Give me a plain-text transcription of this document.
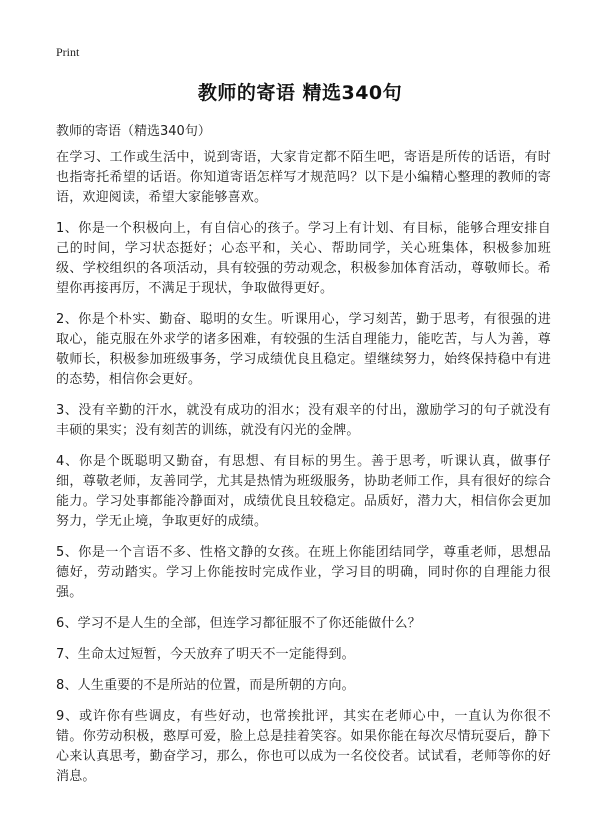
Print
教师的寄语 精选340句
教师的寄语（精选340句）

在学习、工作或生活中，说到寄语，大家肯定都不陌生吧，寄语是所传的话语，有时也指寄托希望的话语。你知道寄语怎样写才规范吗？以下是小编精心整理的教师的寄语，欢迎阅读，希望大家能够喜欢。

1、你是一个积极向上，有自信心的孩子。学习上有计划、有目标，能够合理安排自己的时间，学习状态挺好；心态平和，关心、帮助同学，关心班集体，积极参加班级、学校组织的各项活动，具有较强的劳动观念，积极参加体育活动，尊敬师长。希望你再接再厉，不满足于现状，争取做得更好。

2、你是个朴实、勤奋、聪明的女生。听课用心，学习刻苦，勤于思考，有很强的进取心，能克服在外求学的诸多困难，有较强的生活自理能力，能吃苦，与人为善，尊敬师长，积极参加班级事务，学习成绩优良且稳定。望继续努力，始终保持稳中有进的态势，相信你会更好。

3、没有辛勤的汗水，就没有成功的泪水；没有艰辛的付出，激励学习的句子就没有丰硕的果实；没有刻苦的训练，就没有闪光的金牌。

4、你是个既聪明又勤奋，有思想、有目标的男生。善于思考，听课认真，做事仔细，尊敬老师，友善同学，尤其是热情为班级服务，协助老师工作，具有很好的综合能力。学习处事都能冷静面对，成绩优良且较稳定。品质好，潜力大，相信你会更加努力，学无止境，争取更好的成绩。

5、你是一个言语不多、性格文静的女孩。在班上你能团结同学，尊重老师，思想品德好，劳动踏实。学习上你能按时完成作业，学习目的明确，同时你的自理能力很强。

6、学习不是人生的全部，但连学习都征服不了你还能做什么？

7、生命太过短暂，今天放弃了明天不一定能得到。

8、人生重要的不是所站的位置，而是所朝的方向。

9、或许你有些调皮，有些好动，也常挨批评，其实在老师心中，一直认为你很不错。你劳动积极，憨厚可爱，脸上总是挂着笑容。如果你能在每次尽情玩耍后，静下心来认真思考，勤奋学习，那么，你也可以成为一名佼佼者。试试看，老师等你的好消息。
